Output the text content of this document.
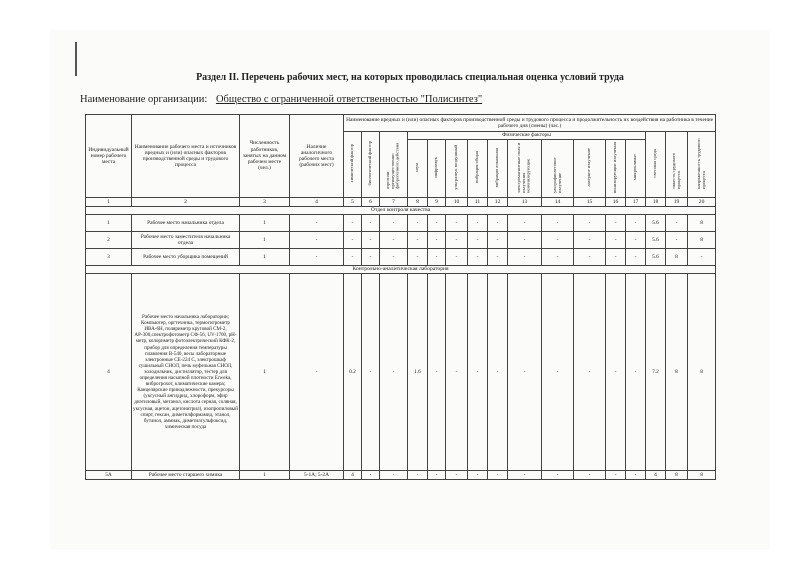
Раздел II. Перечень рабочих мест, на которых проводилась специальная оценка условий труда
Наименование организации: Общество с ограниченной ответственностью "Полисинтез"
Индивидуальный номер рабочего места	Наименование рабочего места и источников вредных и (или) опасных факторов производственной среды и трудового процесса	Численность работников, занятых на данном рабочем месте (чел.)	Наличие аналогичного рабочего места (рабочих мест)	Наименование вредных и (или) опасных факторов производственной среды и трудового процесса и продолжительность их воздействия на работника в течение рабочего дня (смены) (час.)															
				химический фактор	биологический фактор	аэрозоли преимущественно фиброгенного действия	Физические факторы										световая среда	тяжесть трудового процесса	напряженность трудового процесса
							шум	инфразвук	ультразвук воздушный	вибрация общая	вибрация локальная	электромагнитные поля и излучения неионизирующие	ультрафиолетовое излучение	лазерное излучение	ионизирующие излучения	микроклимат			
1	2	3	4	5	6	7	8	9	10	11	12	13	14	15	16	17	18	19	20
Отдел контроля качества																			
1	Рабочее место начальника отдела	1	-	-	-	-	-	-	-	-	-	-	-	-	-	-	5.6	-	8
2	Рабочее место заместителя начальника отдела	1	-	-	-	-	-	-	-	-	-	-	-	-	-	-	5.6	-	8
3	Рабочее место уборщика помещений	1	-	-	-	-	-	-	-	-	-	-	-	-	-	-	5.6	8	-
Контрольно-аналитическая лаборатория																			
4	Рабочее место начальника лаборатории; Компьютер, оргтехника, термогигрометр ИВА-6Н, поляриметр круговой СМ-2, АР-300,спектрофотометр СФ-56, UV-1700, pH-метр, колориметр фотоэлектрический КФК-2, прибор для определения температуры плавления В-540, весы лабораторные электронные CE-224 C, электрошкаф сушильный СНОЛ, печь муфельная СНОЛ, холодильник, дистиллятор, тестер для определения насыпной плотности Erweka, виброгрохот, климатические камера; Канцелярские принадлежности, прекурсоры (уксусный ангидрид, хлороформ, эфир диэтиловый, метанол, кислота серная, соляная, уксусная, ацетон, ацетонитрил), изопропиловый спирт, гексан, диметилформамид, этанол, бутанол, аммиак, диметилсульфоксид, химическая посуда	1	-	0.2	-	-	1.6	-	-	-	-	-	-	-	-	-	7.2	8	8
5А	Рабочее место старшего химика	1	5-1А; 5-2А	4	-	-	-	-	-	-	-	-	-	-	-	-	4	8	8
